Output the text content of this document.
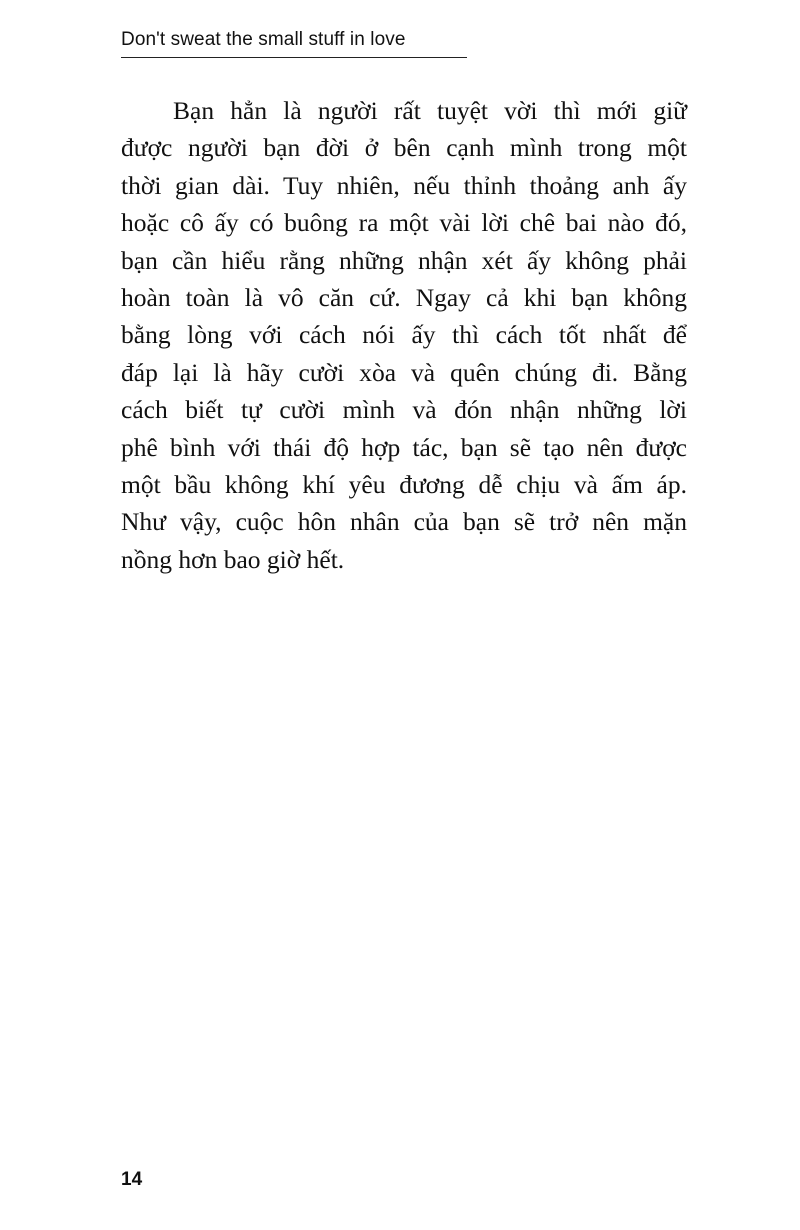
Don't sweat the small stuff in love
Bạn hẳn là người rất tuyệt vời thì mới giữ
được người bạn đời ở bên cạnh mình trong một
thời gian dài. Tuy nhiên, nếu thỉnh thoảng anh ấy
hoặc cô ấy có buông ra một vài lời chê bai nào đó,
bạn cần hiểu rằng những nhận xét ấy không phải
hoàn toàn là vô căn cứ. Ngay cả khi bạn không
bằng lòng với cách nói ấy thì cách tốt nhất để
đáp lại là hãy cười xòa và quên chúng đi. Bằng
cách biết tự cười mình và đón nhận những lời
phê bình với thái độ hợp tác, bạn sẽ tạo nên được
một bầu không khí yêu đương dễ chịu và ấm áp.
Như vậy, cuộc hôn nhân của bạn sẽ trở nên mặn
nồng hơn bao giờ hết.
14
